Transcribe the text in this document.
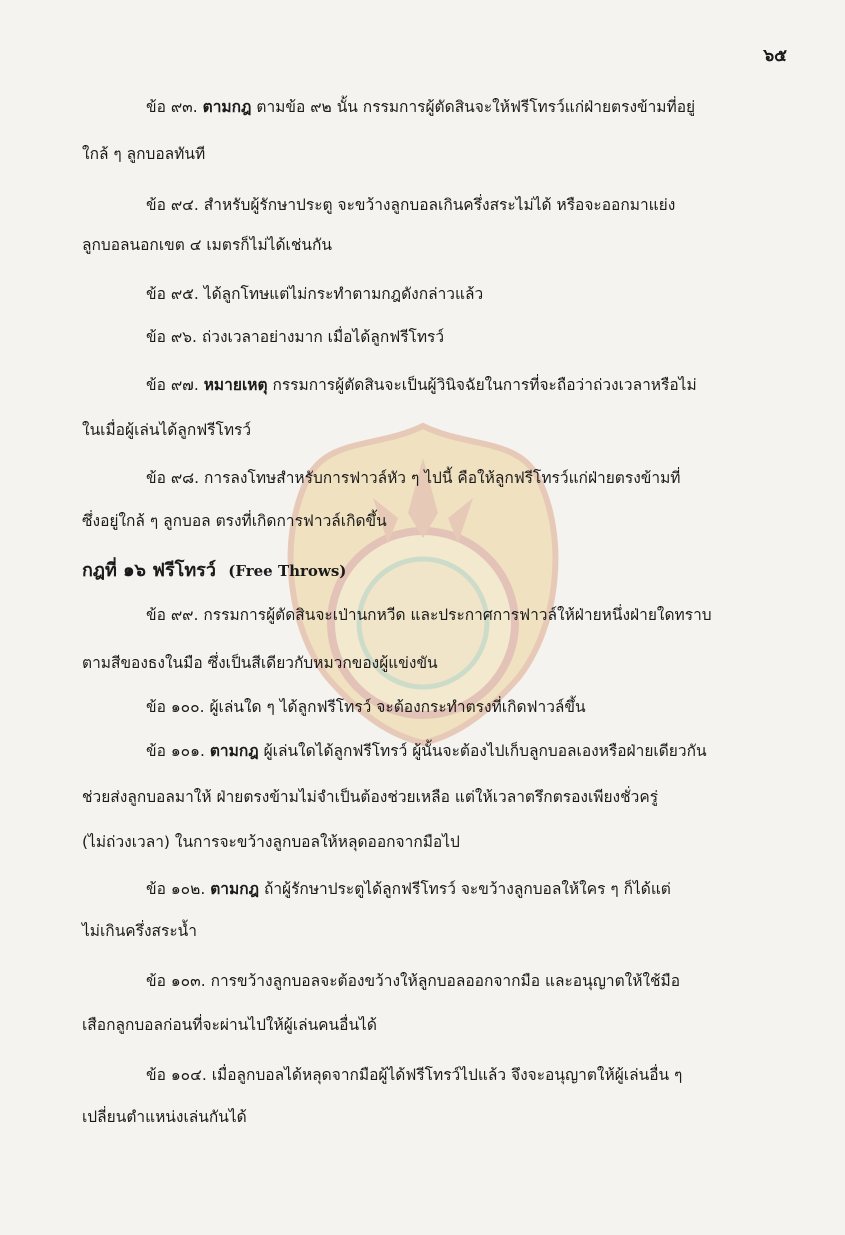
๖๕
ข้อ ๙๓. ตามกฎ ตามข้อ ๙๒ นั้น กรรมการผู้ตัดสินจะให้ฟรีโทรว์แก่ฝ่ายตรงข้ามที่อยู่
ใกล้ ๆ ลูกบอลทันที
ข้อ ๙๔. สำหรับผู้รักษาประตู จะขว้างลูกบอลเกินครึ่งสระไม่ได้ หรือจะออกมาแย่ง
ลูกบอลนอกเขต ๔ เมตรก็ไม่ได้เช่นกัน
ข้อ ๙๕. ได้ลูกโทษแต่ไม่กระทำตามกฎดังกล่าวแล้ว
ข้อ ๙๖. ถ่วงเวลาอย่างมาก เมื่อได้ลูกฟรีโทรว์
ข้อ ๙๗. หมายเหตุ กรรมการผู้ตัดสินจะเป็นผู้วินิจฉัยในการที่จะถือว่าถ่วงเวลาหรือไม่
ในเมื่อผู้เล่นได้ลูกฟรีโทรว์
ข้อ ๙๘. การลงโทษสำหรับการฟาวล์หัว ๆ ไปนี้ คือให้ลูกฟรีโทรว์แก่ฝ่ายตรงข้ามที่
ซึ่งอยู่ใกล้ ๆ ลูกบอล ตรงที่เกิดการฟาวล์เกิดขึ้น
กฎที่ ๑๖ ฟรีโทรว์ (Free Throws)
ข้อ ๙๙. กรรมการผู้ตัดสินจะเป่านกหวีด และประกาศการฟาวล์ให้ฝ่ายหนึ่งฝ่ายใดทราบ
ตามสีของธงในมือ ซึ่งเป็นสีเดียวกับหมวกของผู้แข่งขัน
ข้อ ๑๐๐. ผู้เล่นใด ๆ ได้ลูกฟรีโทรว์ จะต้องกระทำตรงที่เกิดฟาวล์ขึ้น
ข้อ ๑๐๑. ตามกฎ ผู้เล่นใดได้ลูกฟรีโทรว์ ผู้นั้นจะต้องไปเก็บลูกบอลเองหรือฝ่ายเดียวกัน
ช่วยส่งลูกบอลมาให้ ฝ่ายตรงข้ามไม่จำเป็นต้องช่วยเหลือ แต่ให้เวลาตรึกตรองเพียงชั่วครู่
(ไม่ถ่วงเวลา) ในการจะขว้างลูกบอลให้หลุดออกจากมือไป
ข้อ ๑๐๒. ตามกฎ ถ้าผู้รักษาประตูได้ลูกฟรีโทรว์ จะขว้างลูกบอลให้ใคร ๆ ก็ได้แต่
ไม่เกินครึ่งสระน้ำ
ข้อ ๑๐๓. การขว้างลูกบอลจะต้องขว้างให้ลูกบอลออกจากมือ และอนุญาตให้ใช้มือ
เสือกลูกบอลก่อนที่จะผ่านไปให้ผู้เล่นคนอื่นได้
ข้อ ๑๐๔. เมื่อลูกบอลได้หลุดจากมือผู้ได้ฟรีโทรว์ไปแล้ว จึงจะอนุญาตให้ผู้เล่นอื่น ๆ
เปลี่ยนตำแหน่งเล่นกันได้
